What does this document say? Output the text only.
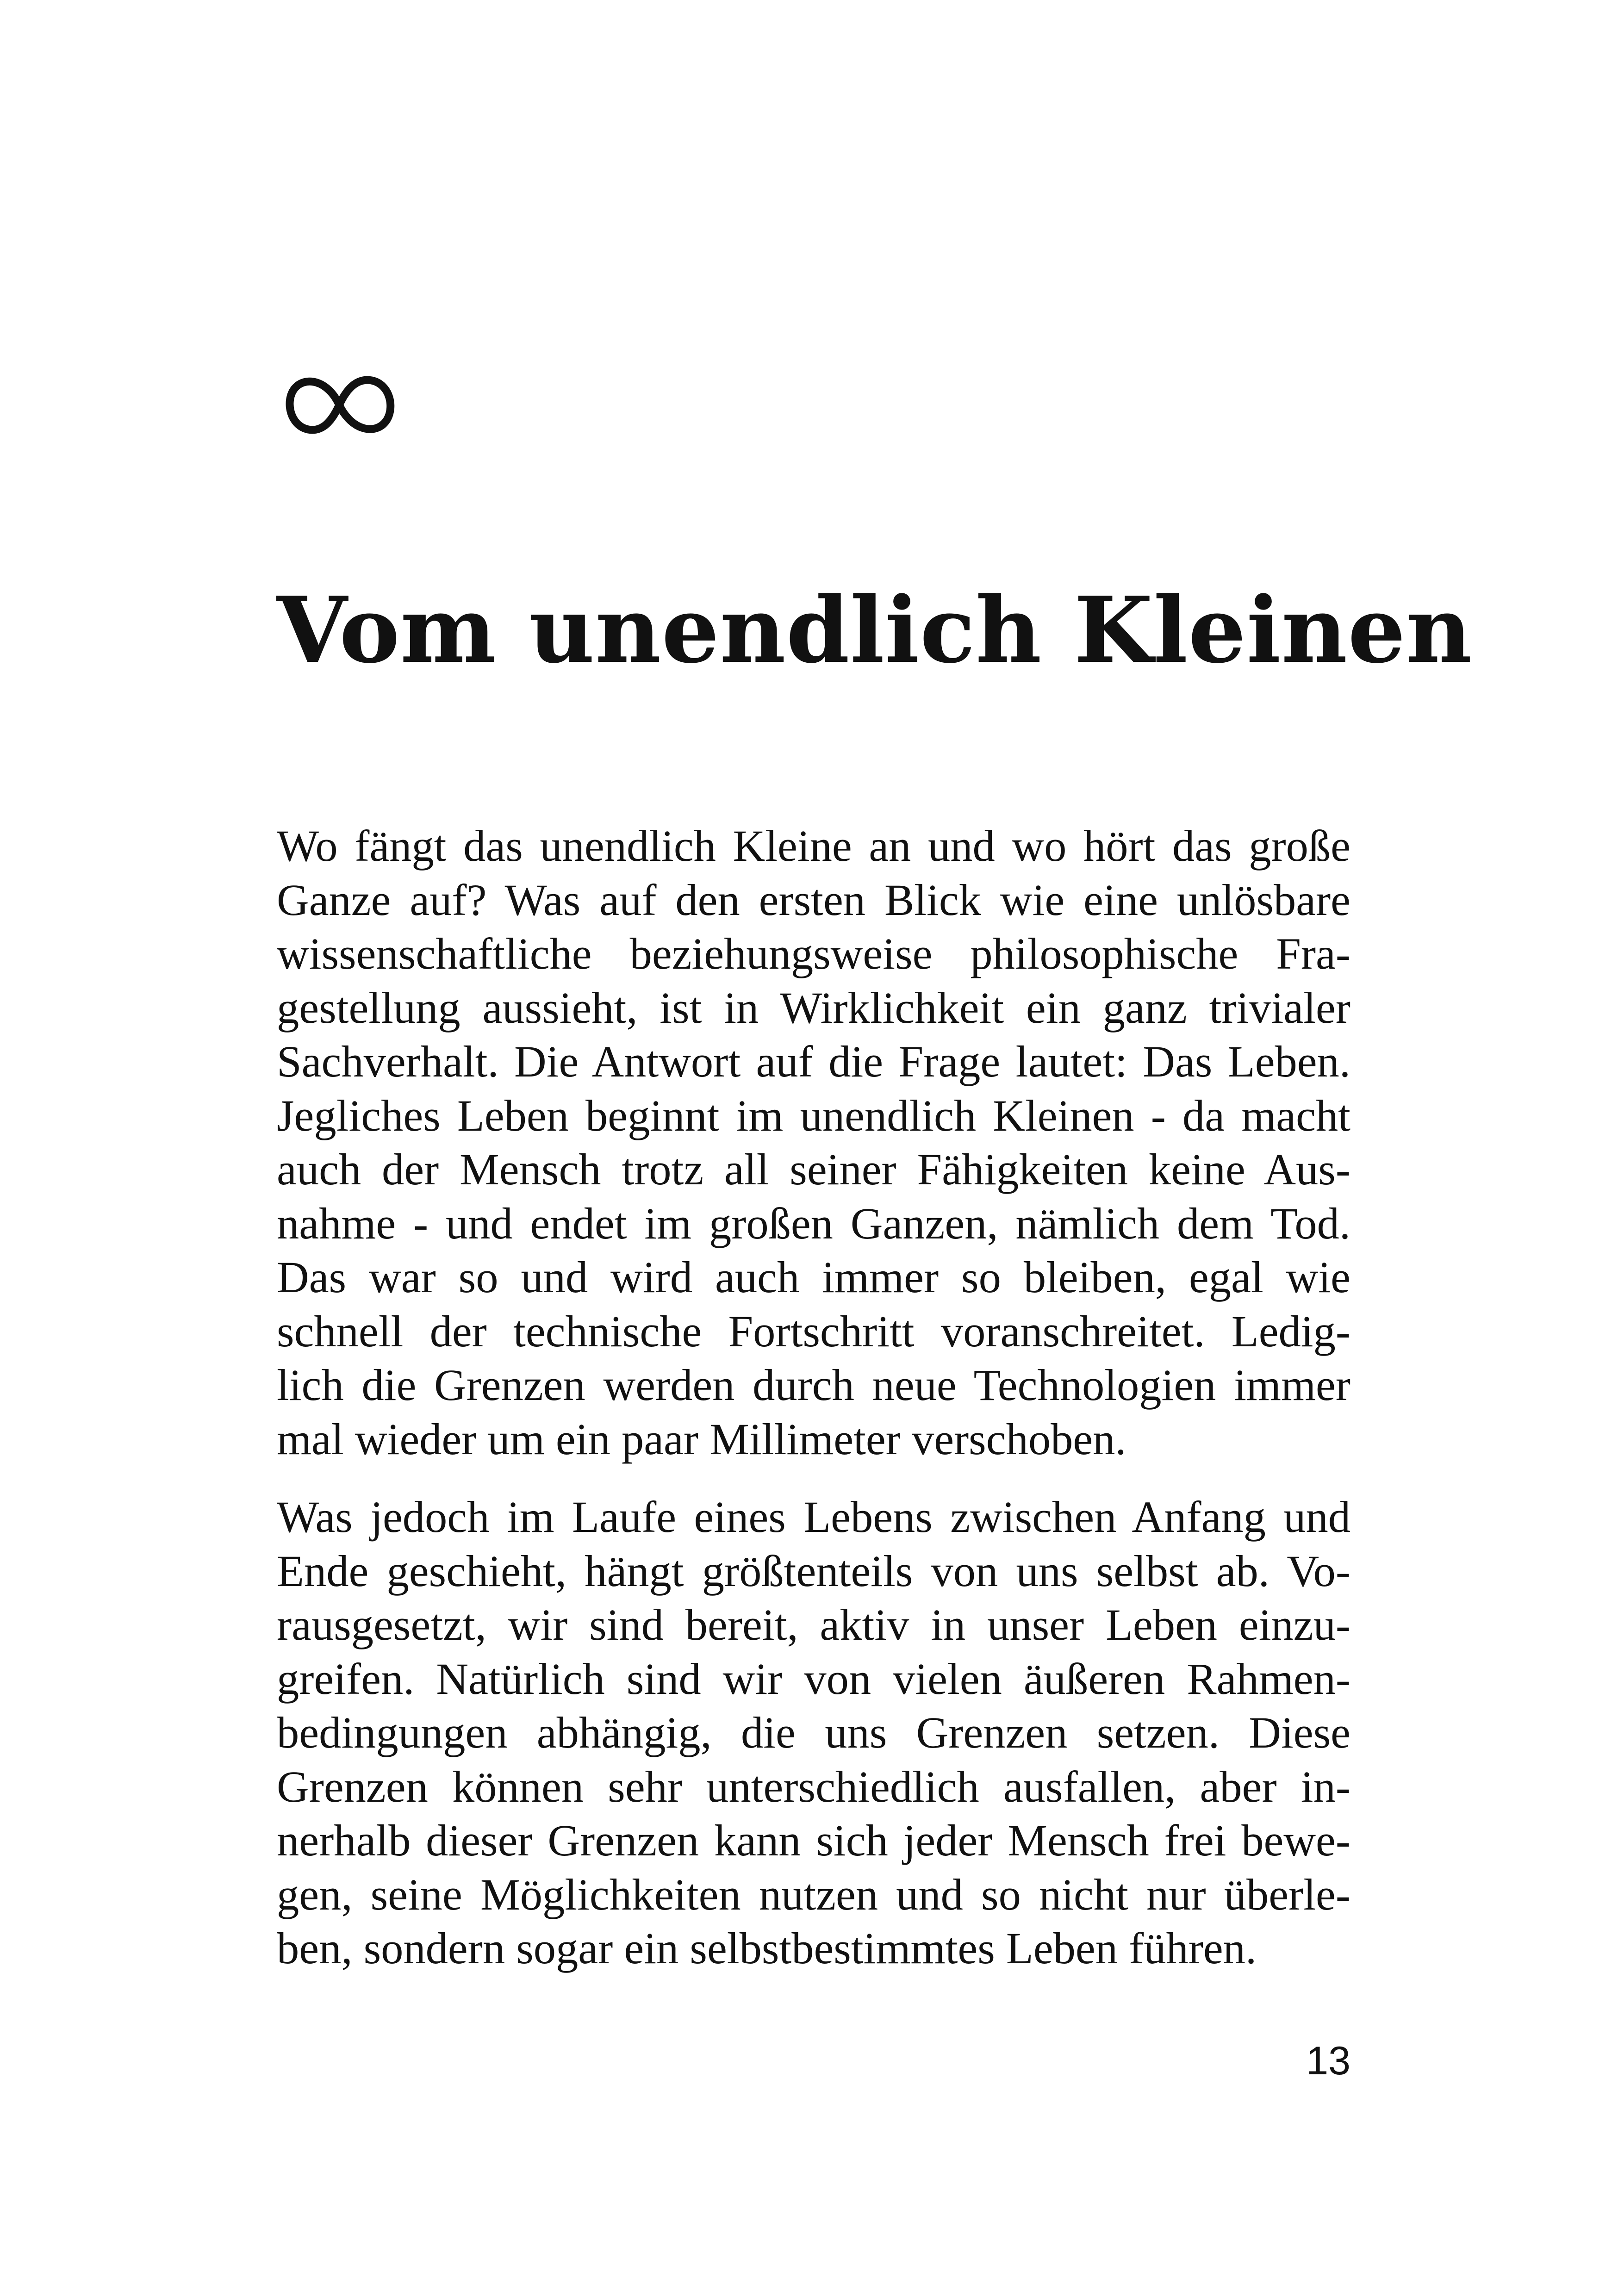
Vom unendlich Kleinen

Wo fängt das unendlich Kleine an und wo hört das große
Ganze auf? Was auf den ersten Blick wie eine unlösbare
wissenschaftliche beziehungsweise philosophische Fra-
gestellung aussieht, ist in Wirklichkeit ein ganz trivialer
Sachverhalt. Die Antwort auf die Frage lautet: Das Leben.
Jegliches Leben beginnt im unendlich Kleinen - da macht
auch der Mensch trotz all seiner Fähigkeiten keine Aus-
nahme - und endet im großen Ganzen, nämlich dem Tod.
Das war so und wird auch immer so bleiben, egal wie
schnell der technische Fortschritt voranschreitet. Ledig-
lich die Grenzen werden durch neue Technologien immer
mal wieder um ein paar Millimeter verschoben.

Was jedoch im Laufe eines Lebens zwischen Anfang und
Ende geschieht, hängt größtenteils von uns selbst ab. Vo-
rausgesetzt, wir sind bereit, aktiv in unser Leben einzu-
greifen. Natürlich sind wir von vielen äußeren Rahmen-
bedingungen abhängig, die uns Grenzen setzen. Diese
Grenzen können sehr unterschiedlich ausfallen, aber in-
nerhalb dieser Grenzen kann sich jeder Mensch frei bewe-
gen, seine Möglichkeiten nutzen und so nicht nur überle-
ben, sondern sogar ein selbstbestimmtes Leben führen.

13
